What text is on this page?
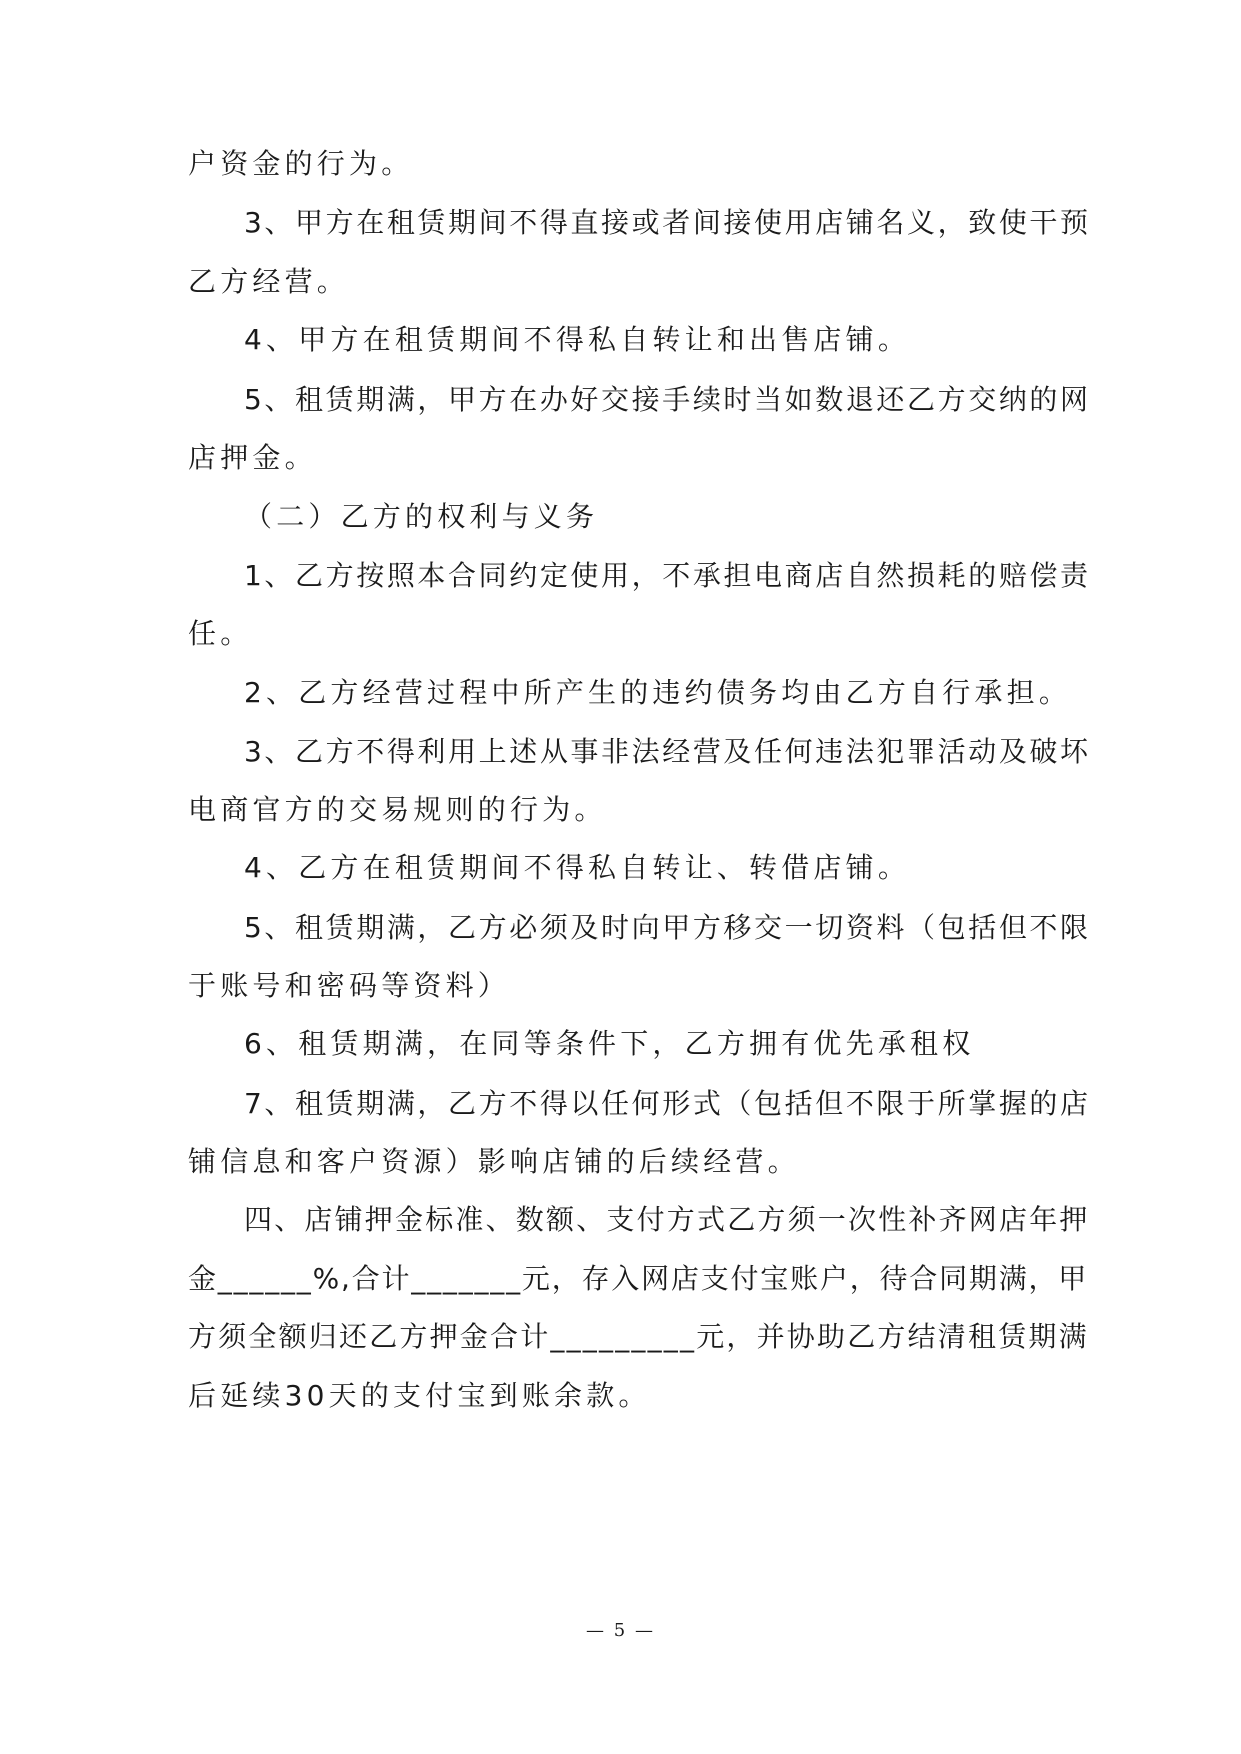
户资金的行为。
3、甲方在租赁期间不得直接或者间接使用店铺名义，致使干预
乙方经营。
4、甲方在租赁期间不得私自转让和出售店铺。
5、租赁期满，甲方在办好交接手续时当如数退还乙方交纳的网
店押金。
（二）乙方的权利与义务
1、乙方按照本合同约定使用，不承担电商店自然损耗的赔偿责
任。
2、乙方经营过程中所产生的违约债务均由乙方自行承担。
3、乙方不得利用上述从事非法经营及任何违法犯罪活动及破坏
电商官方的交易规则的行为。
4、乙方在租赁期间不得私自转让、转借店铺。
5、租赁期满，乙方必须及时向甲方移交一切资料（包括但不限
于账号和密码等资料）
6、租赁期满，在同等条件下，乙方拥有优先承租权
7、租赁期满，乙方不得以任何形式（包括但不限于所掌握的店
铺信息和客户资源）影响店铺的后续经营。
四、店铺押金标准、数额、支付方式乙方须一次性补齐网店年押
金______%,合计_______元，存入网店支付宝账户，待合同期满，甲
方须全额归还乙方押金合计_________元，并协助乙方结清租赁期满
后延续30天的支付宝到账余款。
— 5 —
